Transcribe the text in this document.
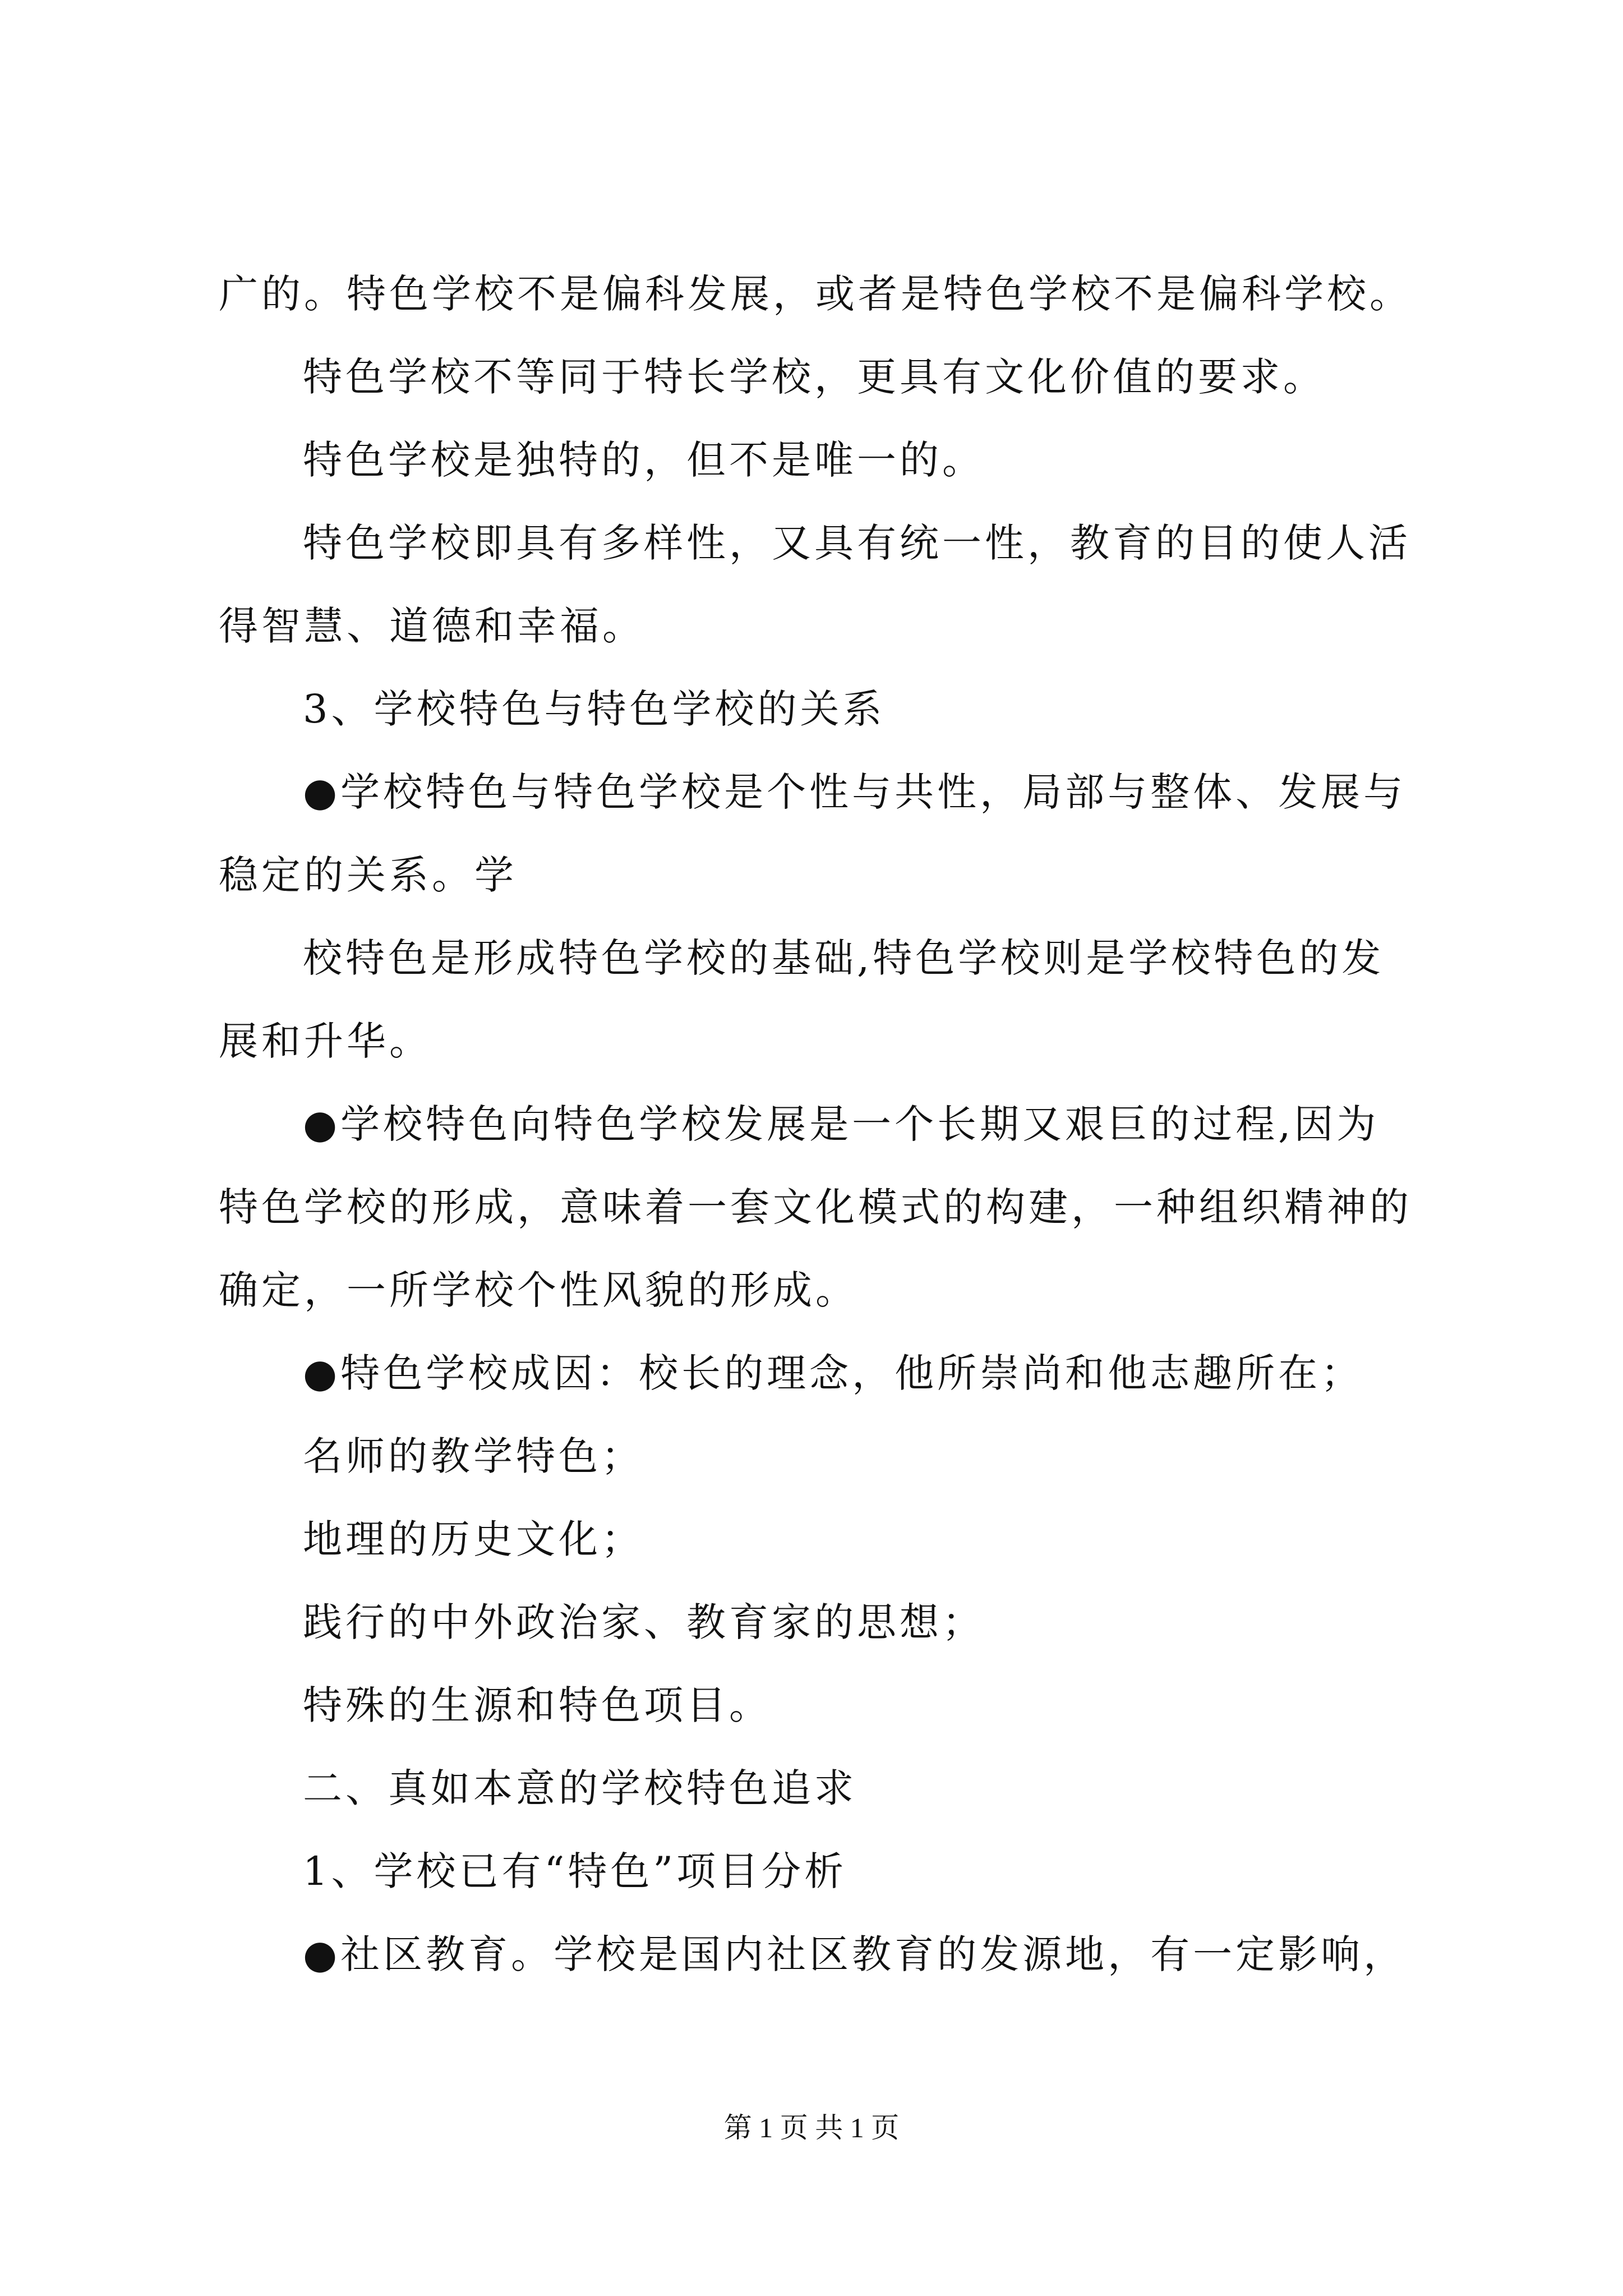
广的。特色学校不是偏科发展，或者是特色学校不是偏科学校。
特色学校不等同于特长学校，更具有文化价值的要求。
特色学校是独特的，但不是唯一的。
特色学校即具有多样性，又具有统一性，教育的目的使人活
得智慧、道德和幸福。
3、学校特色与特色学校的关系
●学校特色与特色学校是个性与共性，局部与整体、发展与
稳定的关系。学
校特色是形成特色学校的基础,特色学校则是学校特色的发
展和升华。
●学校特色向特色学校发展是一个长期又艰巨的过程,因为
特色学校的形成，意味着一套文化模式的构建，一种组织精神的
确定，一所学校个性风貌的形成。
●特色学校成因：校长的理念，他所崇尚和他志趣所在；
名师的教学特色；
地理的历史文化；
践行的中外政治家、教育家的思想；
特殊的生源和特色项目。
二、真如本意的学校特色追求
1、学校已有“特色”项目分析
●社区教育。学校是国内社区教育的发源地，有一定影响，
第 1 页 共 1 页
